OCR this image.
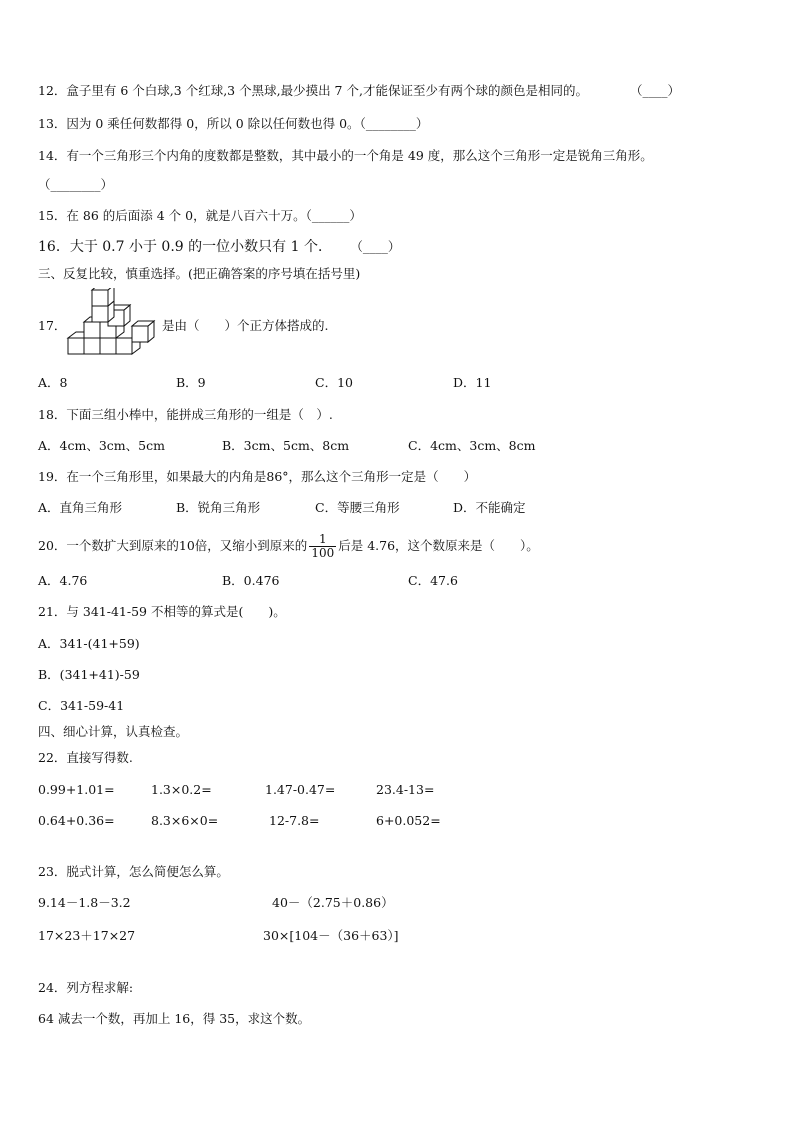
12．盒子里有 6 个白球,3 个红球,3 个黑球,最少摸出 7 个,才能保证至少有两个球的颜色是相同的。	（____）
13．因为 0 乘任何数都得 0，所以 0 除以任何数也得 0。（________）
14．有一个三角形三个内角的度数都是整数，其中最小的一个角是 49 度，那么这个三角形一定是锐角三角形。
（________）
15．在 86 的后面添 4 个 0，就是八百六十万。（______）
16．大于 0.7 小于 0.9 的一位小数只有 1 个． （____）
三、反复比较，慎重选择。(把正确答案的序号填在括号里)
17．	是由（　　）个正方体搭成的.
A．8	B．9	C．10	D．11
18．下面三组小棒中，能拼成三角形的一组是（　）.
A．4cm、3cm、5cm	B．3cm、5cm、8cm	C．4cm、3cm、8cm
19．在一个三角形里，如果最大的内角是86°，那么这个三角形一定是（　　）
A．直角三角形	B．锐角三角形	C．等腰三角形	D．不能确定
20．一个数扩大到原来的10倍，又缩小到原来的 $\frac{1}{100}$ 后是 4.76，这个数原来是（　　）。
A．4.76	B．0.476	C．47.6
21．与 341-41-59 不相等的算式是(　　)。
A．341-(41+59)
B．(341+41)-59
C．341-59-41
四、细心计算，认真检查。
22．直接写得数.
0.99+1.01=	1.3×0.2=	1.47-0.47=	23.4-13=
0.64+0.36=	8.3×6×0=	12-7.8=	6+0.052=
23．脱式计算，怎么简便怎么算。
9.14－1.8－3.2	40－（2.75＋0.86）
17×23＋17×27	30×[104－（36＋63）]
24．列方程求解:
64 减去一个数，再加上 16，得 35，求这个数。
